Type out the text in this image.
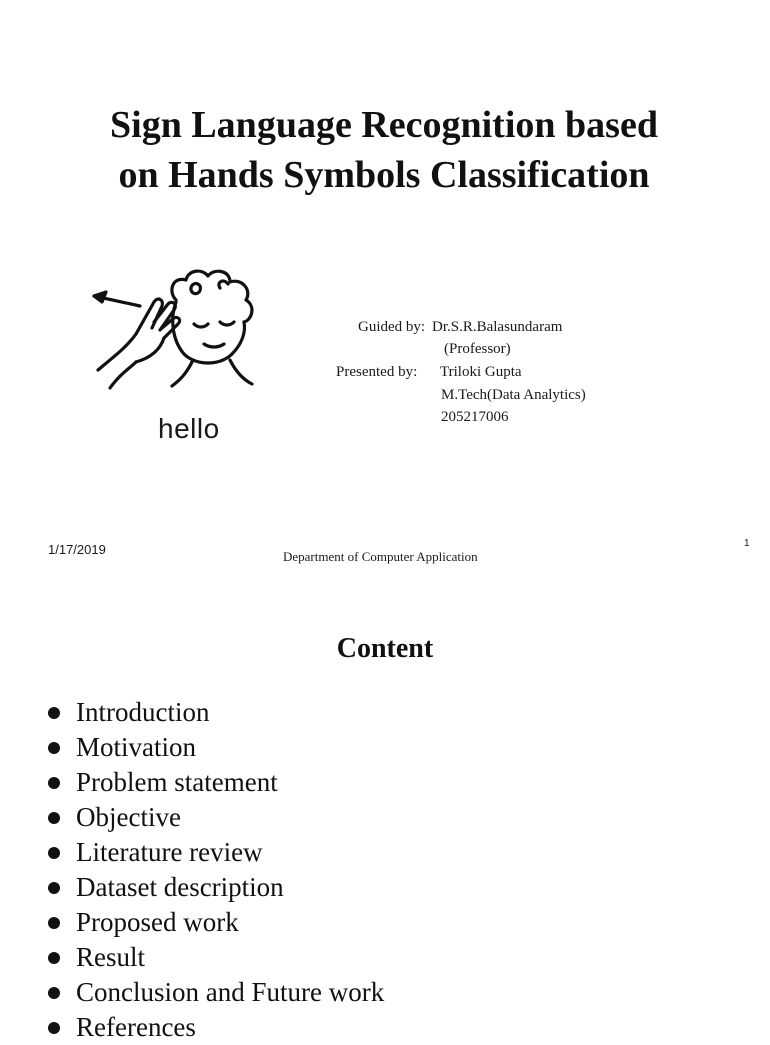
Sign Language Recognition based
on Hands Symbols Classification
hello
Guided by: Dr.S.R.Balasundaram
(Professor)
Presented by: Triloki Gupta
M.Tech(Data Analytics)
205217006
1/17/2019	Department of Computer Application
1
Content
Introduction
Motivation
Problem statement
Objective
Literature review
Dataset description
Proposed work
Result
Conclusion and Future work
References
